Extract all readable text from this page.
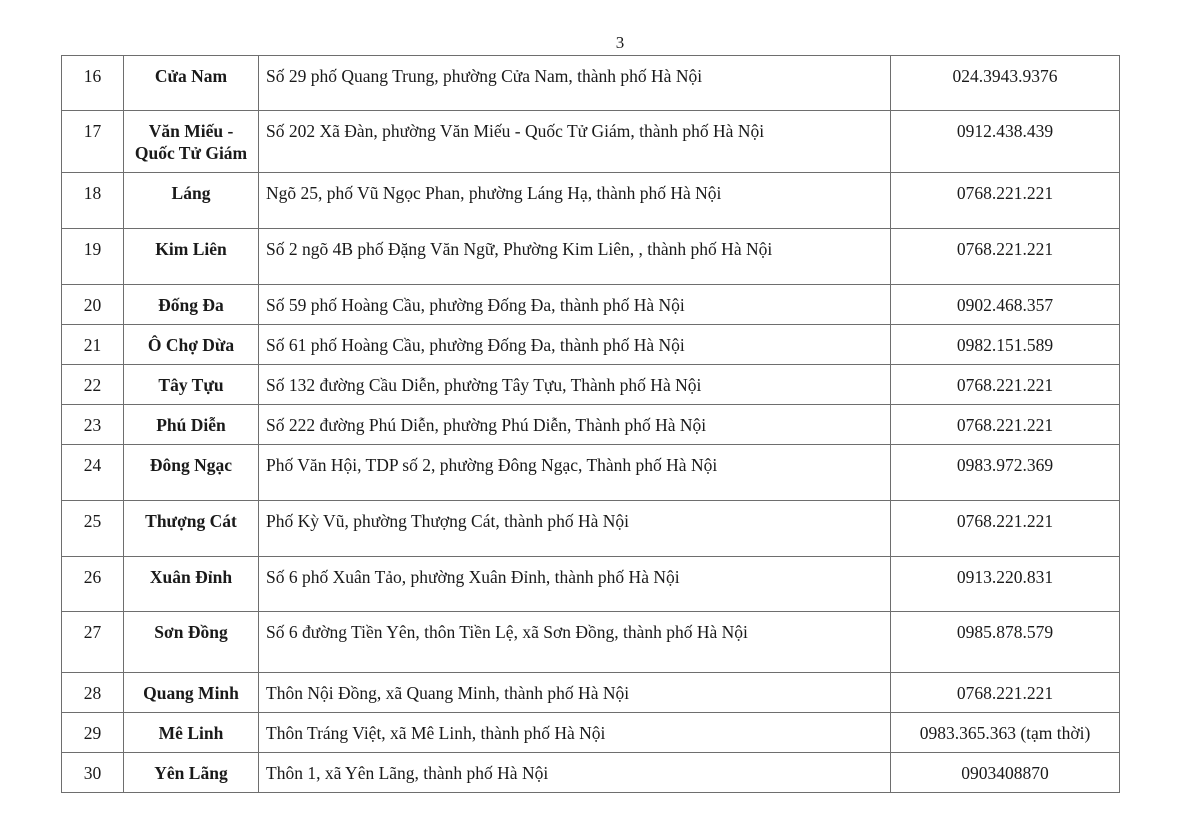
3
16	Cửa Nam	Số 29 phố Quang Trung, phường Cửa Nam, thành phố Hà Nội	024.3943.9376
17	Văn Miếu - Quốc Tử Giám	Số 202 Xã Đàn, phường Văn Miếu - Quốc Tử Giám, thành phố Hà Nội	0912.438.439
18	Láng	Ngõ 25, phố Vũ Ngọc Phan, phường Láng Hạ, thành phố Hà Nội	0768.221.221
19	Kim Liên	Số 2 ngõ 4B phố Đặng Văn Ngữ, Phường Kim Liên, , thành phố Hà Nội	0768.221.221
20	Đống Đa	Số 59 phố Hoàng Cầu, phường Đống Đa, thành phố Hà Nội	0902.468.357
21	Ô Chợ Dừa	Số 61 phố Hoàng Cầu, phường Đống Đa, thành phố Hà Nội	0982.151.589
22	Tây Tựu	Số 132 đường Cầu Diễn, phường Tây Tựu, Thành phố Hà Nội	0768.221.221
23	Phú Diễn	Số 222 đường Phú Diễn, phường Phú Diễn, Thành phố Hà Nội	0768.221.221
24	Đông Ngạc	Phố Văn Hội, TDP số 2, phường Đông Ngạc, Thành phố Hà Nội	0983.972.369
25	Thượng Cát	Phố Kỳ Vũ, phường Thượng Cát, thành phố Hà Nội	0768.221.221
26	Xuân Đỉnh	Số 6 phố Xuân Tảo, phường Xuân Đỉnh, thành phố Hà Nội	0913.220.831
27	Sơn Đồng	Số 6 đường Tiền Yên, thôn Tiền Lệ, xã Sơn Đồng, thành phố Hà Nội	0985.878.579
28	Quang Minh	Thôn Nội Đồng, xã Quang Minh, thành phố Hà Nội	0768.221.221
29	Mê Linh	Thôn Tráng Việt, xã Mê Linh, thành phố Hà Nội	0983.365.363 (tạm thời)
30	Yên Lãng	Thôn 1, xã Yên Lãng, thành phố Hà Nội	0903408870
